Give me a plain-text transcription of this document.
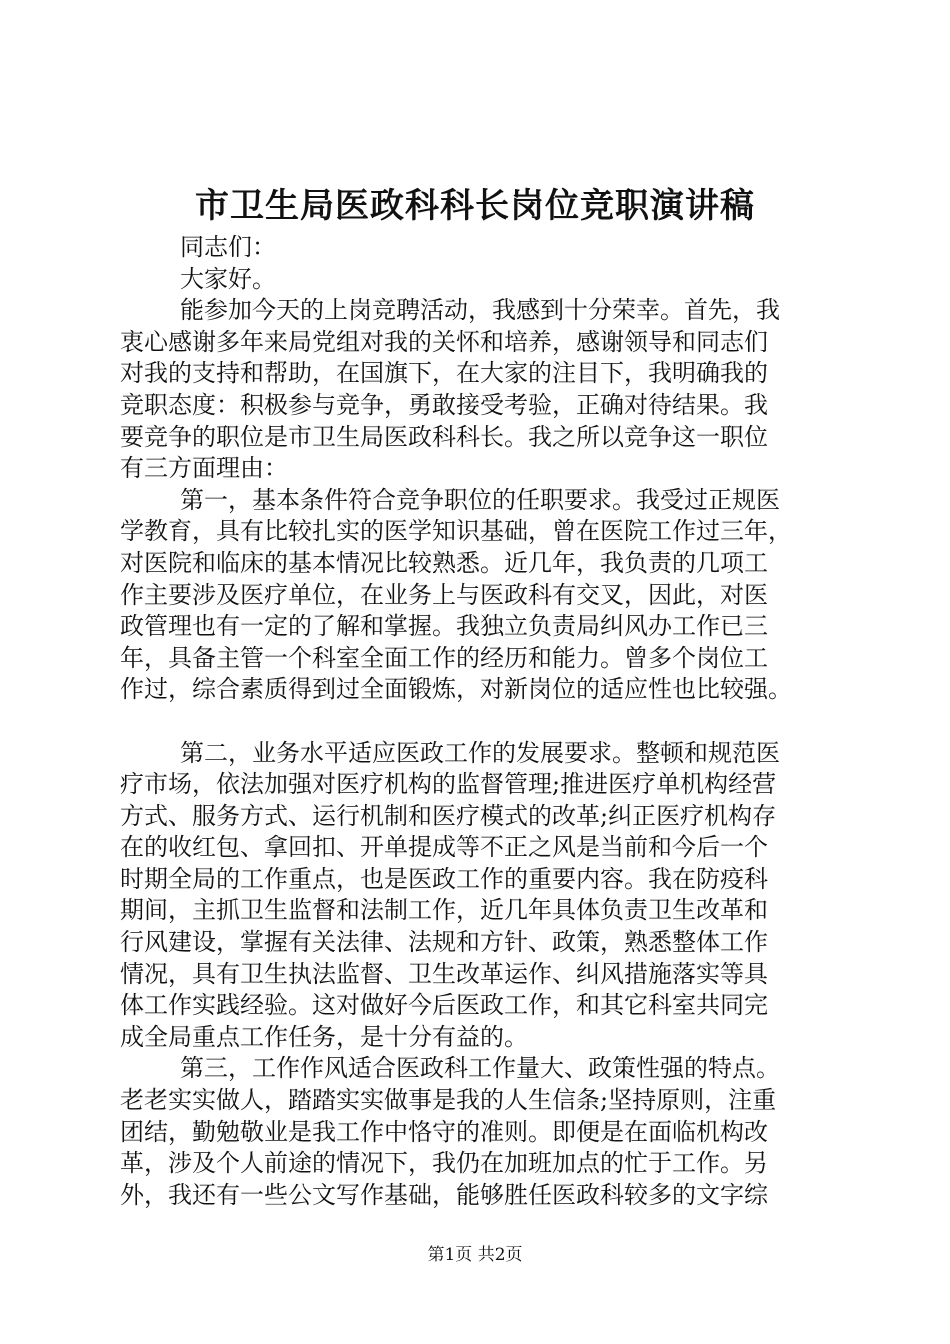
市卫生局医政科科长岗位竞职演讲稿
同志们：
大家好。
能参加今天的上岗竞聘活动，我感到十分荣幸。首先，我
衷心感谢多年来局党组对我的关怀和培养，感谢领导和同志们
对我的支持和帮助，在国旗下，在大家的注目下，我明确我的
竞职态度：积极参与竞争，勇敢接受考验，正确对待结果。我
要竞争的职位是市卫生局医政科科长。我之所以竞争这一职位
有三方面理由：
第一，基本条件符合竞争职位的任职要求。我受过正规医
学教育，具有比较扎实的医学知识基础，曾在医院工作过三年，
对医院和临床的基本情况比较熟悉。近几年，我负责的几项工
作主要涉及医疗单位，在业务上与医政科有交叉，因此，对医
政管理也有一定的了解和掌握。我独立负责局纠风办工作已三
年，具备主管一个科室全面工作的经历和能力。曾多个岗位工
作过，综合素质得到过全面锻炼，对新岗位的适应性也比较强。
第二，业务水平适应医政工作的发展要求。整顿和规范医
疗市场，依法加强对医疗机构的监督管理;推进医疗单机构经营
方式、服务方式、运行机制和医疗模式的改革;纠正医疗机构存
在的收红包、拿回扣、开单提成等不正之风是当前和今后一个
时期全局的工作重点，也是医政工作的重要内容。我在防疫科
期间，主抓卫生监督和法制工作，近几年具体负责卫生改革和
行风建设，掌握有关法律、法规和方针、政策，熟悉整体工作
情况，具有卫生执法监督、卫生改革运作、纠风措施落实等具
体工作实践经验。这对做好今后医政工作，和其它科室共同完
成全局重点工作任务，是十分有益的。
第三，工作作风适合医政科工作量大、政策性强的特点。
老老实实做人，踏踏实实做事是我的人生信条;坚持原则，注重
团结，勤勉敬业是我工作中恪守的准则。即便是在面临机构改
革，涉及个人前途的情况下，我仍在加班加点的忙于工作。另
外，我还有一些公文写作基础，能够胜任医政科较多的文字综
第1页 共2页
